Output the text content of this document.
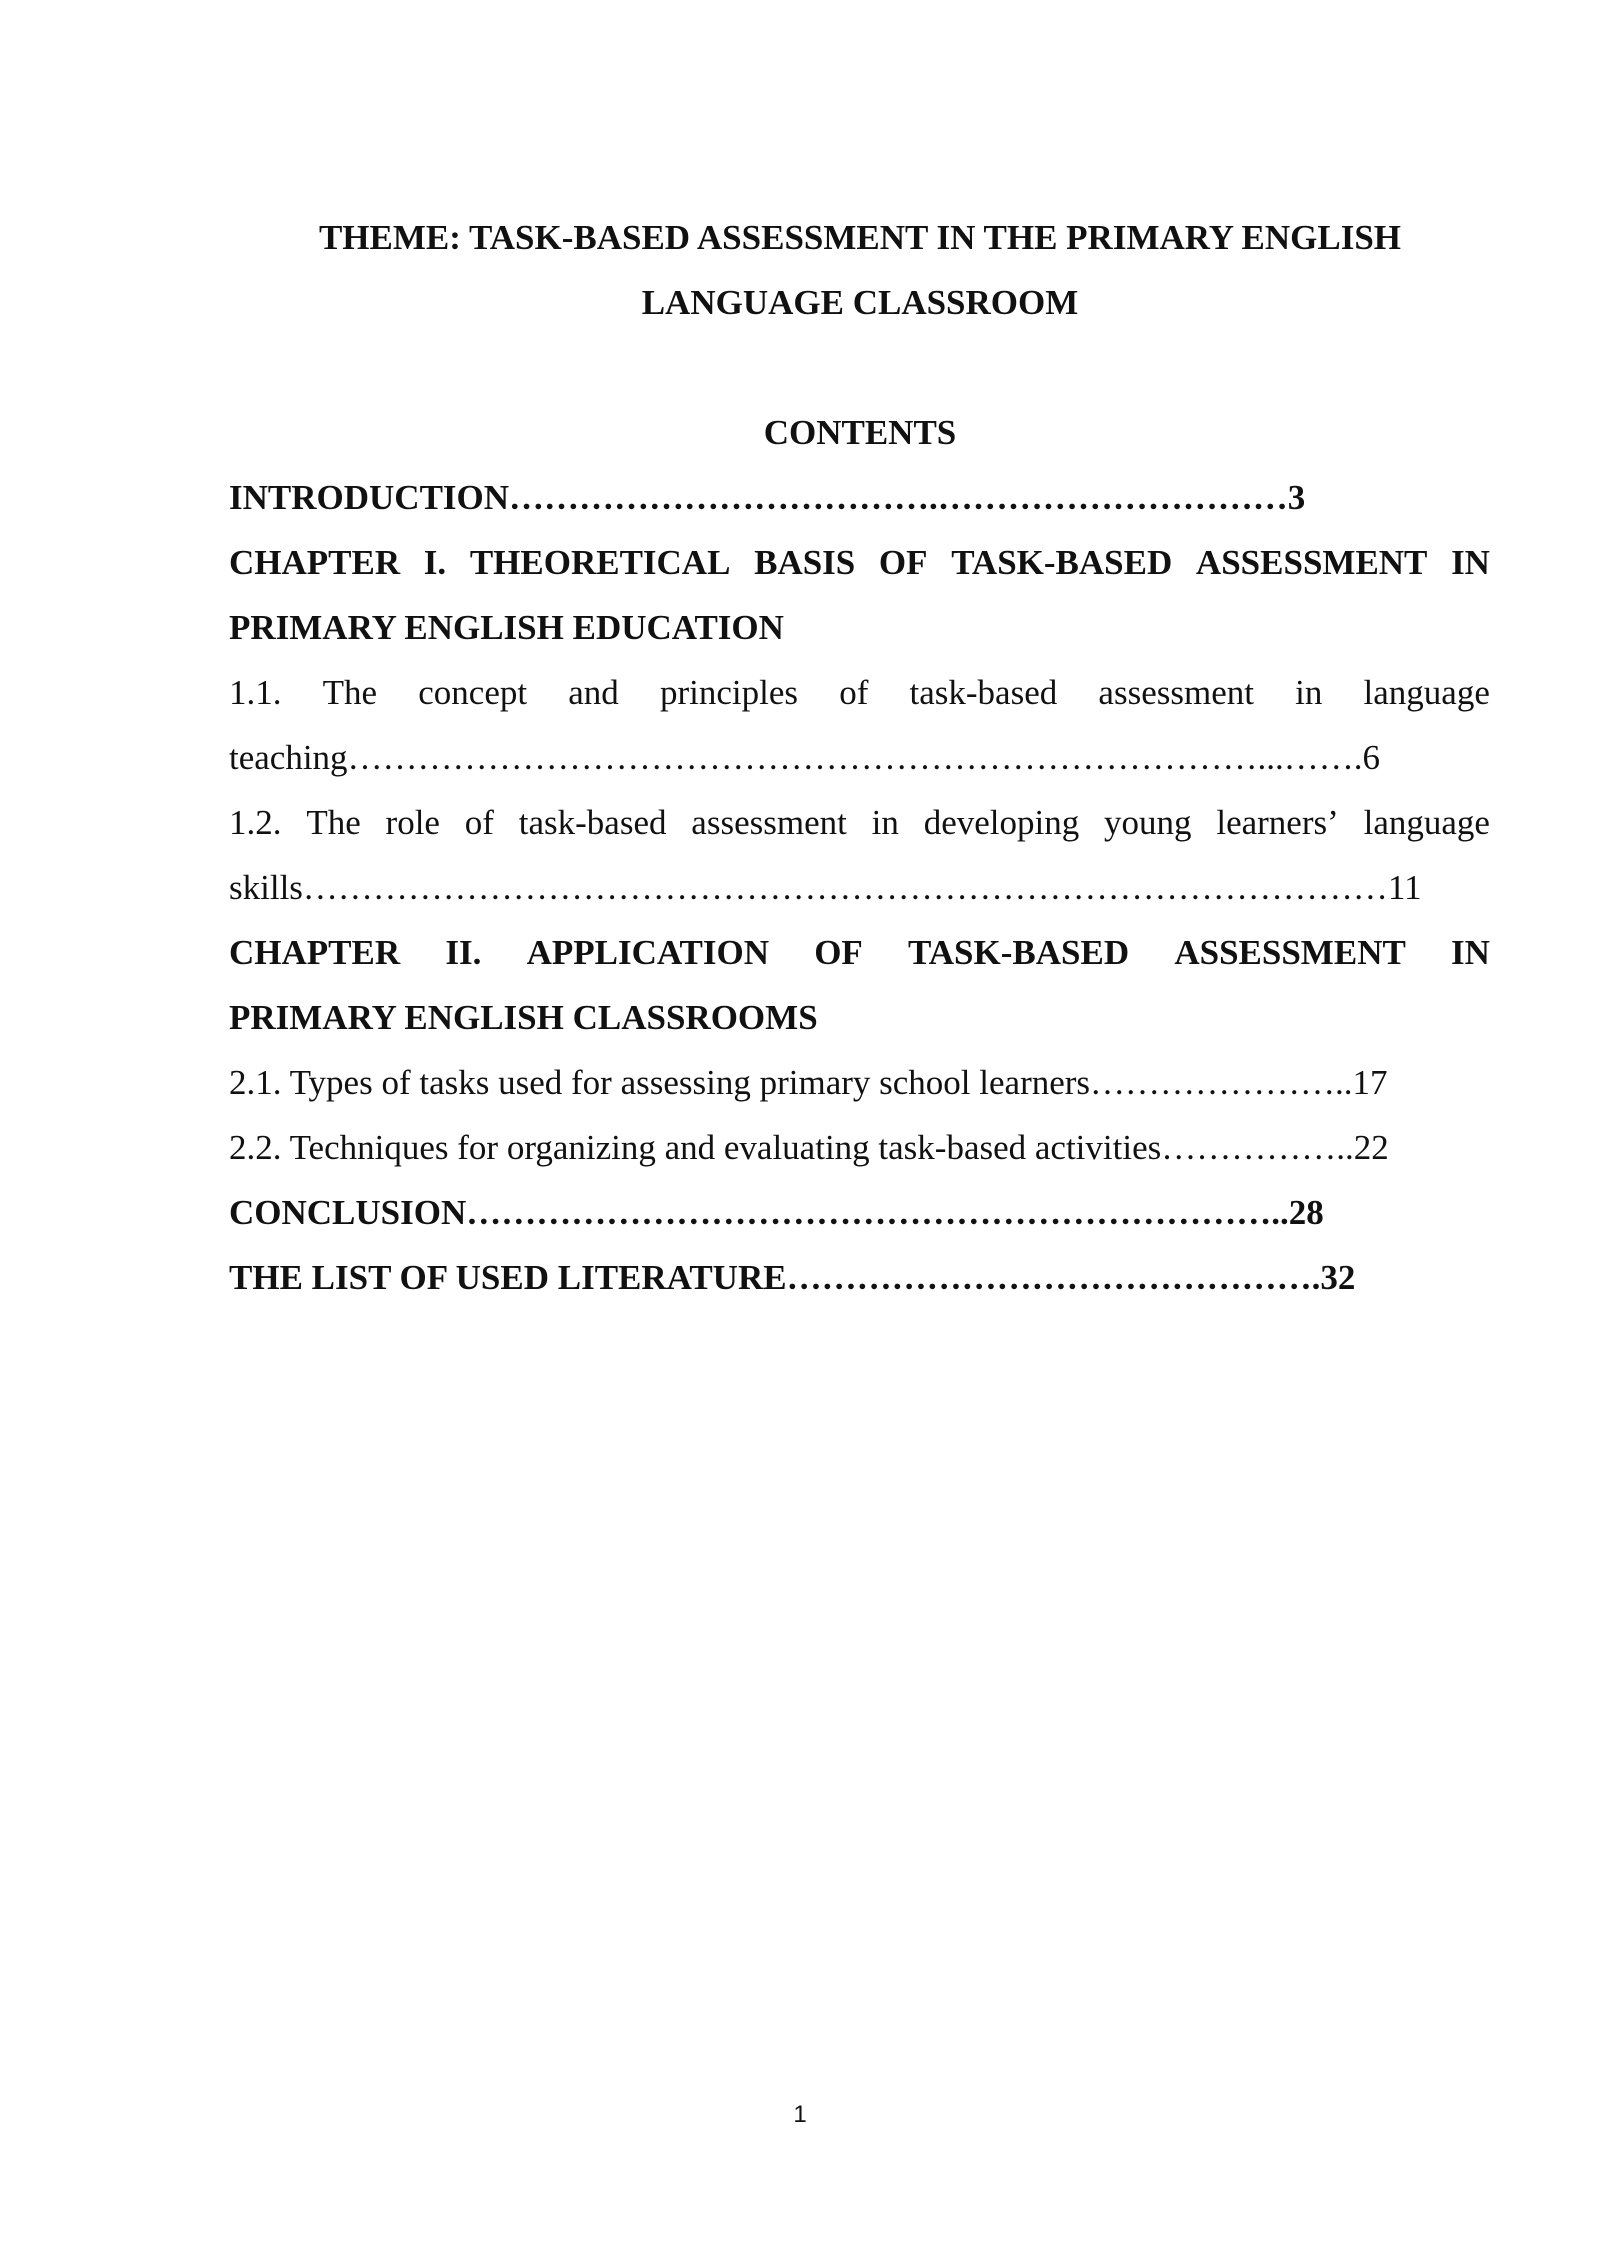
THEME: TASK-BASED ASSESSMENT IN THE PRIMARY ENGLISH
LANGUAGE CLASSROOM
CONTENTS
INTRODUCTION……………………………….…………………………3
CHAPTER I. THEORETICAL BASIS OF TASK-BASED ASSESSMENT IN
PRIMARY ENGLISH EDUCATION
1.1. The concept and principles of task-based assessment in language
teaching……………………………………………………………………...…….6
1.2. The role of task-based assessment in developing young learners’ language
skills…………………………………………………………………………………11
CHAPTER II. APPLICATION OF TASK-BASED ASSESSMENT IN
PRIMARY ENGLISH CLASSROOMS
2.1. Types of tasks used for assessing primary school learners…………………..17
2.2. Techniques for organizing and evaluating task-based activities……………..22
CONCLUSION……………………………………………………………..28
THE LIST OF USED LITERATURE……………………………………….32
1
